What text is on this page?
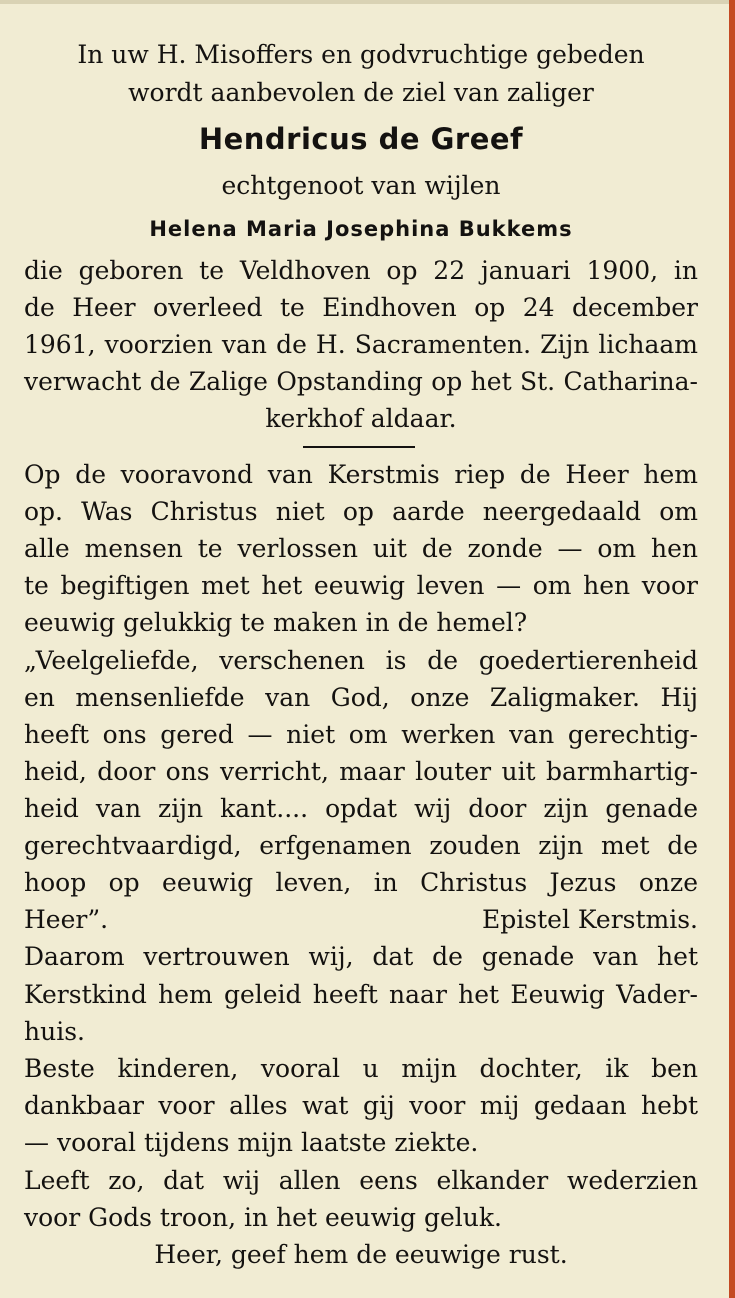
In uw H. Misoffers en godvruchtige gebeden
wordt aanbevolen de ziel van zaliger
Hendricus de Greef
echtgenoot van wijlen
Helena Maria Josephina Bukkems
die geboren te Veldhoven op 22 januari 1900, in
de Heer overleed te Eindhoven op 24 december
1961, voorzien van de H. Sacramenten. Zijn lichaam
verwacht de Zalige Opstanding op het St. Catharina-
kerkhof aldaar.
Op de vooravond van Kerstmis riep de Heer hem
op. Was Christus niet op aarde neergedaald om
alle mensen te verlossen uit de zonde — om hen
te begiftigen met het eeuwig leven — om hen voor
eeuwig gelukkig te maken in de hemel?
„Veelgeliefde, verschenen is de goedertierenheid
en mensenliefde van God, onze Zaligmaker. Hij
heeft ons gered — niet om werken van gerechtig-
heid, door ons verricht, maar louter uit barmhartig-
heid van zijn kant.... opdat wij door zijn genade
gerechtvaardigd, erfgenamen zouden zijn met de
hoop op eeuwig leven, in Christus Jezus onze
Heer”.	Epistel Kerstmis.
Daarom vertrouwen wij, dat de genade van het
Kerstkind hem geleid heeft naar het Eeuwig Vader-
huis.
Beste kinderen, vooral u mijn dochter, ik ben
dankbaar voor alles wat gij voor mij gedaan hebt
— vooral tijdens mijn laatste ziekte.
Leeft zo, dat wij allen eens elkander wederzien
voor Gods troon, in het eeuwig geluk.
Heer, geef hem de eeuwige rust.
